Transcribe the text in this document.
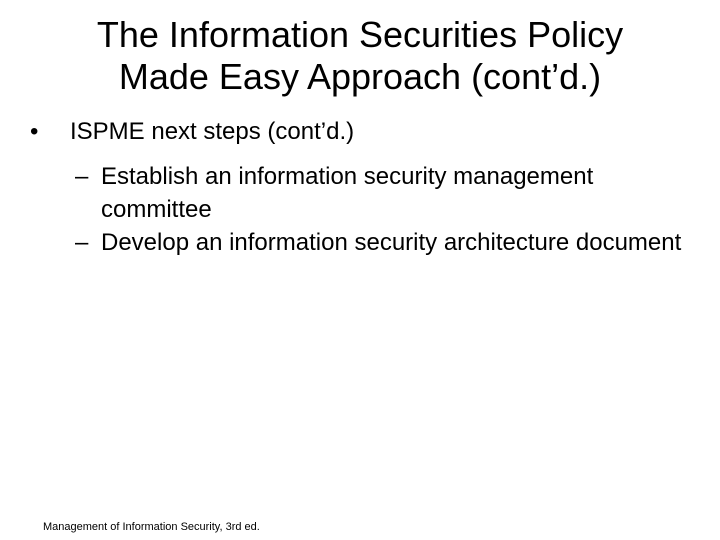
The Information Securities Policy
Made Easy Approach (cont’d.)
• ISPME next steps (cont’d.)

– Establish an information security management committee

– Develop an information security architecture document

Management of Information Security, 3rd ed.
